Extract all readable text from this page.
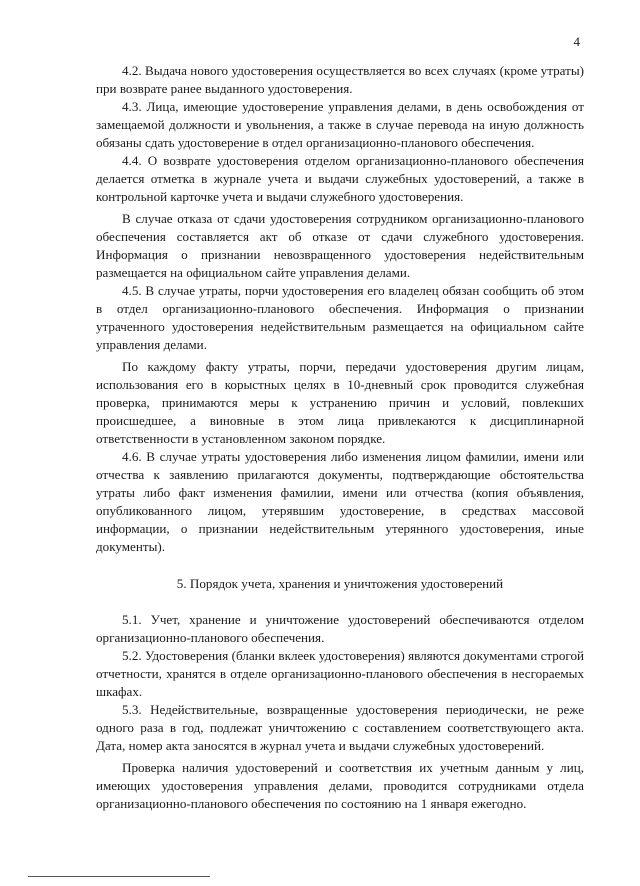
4

4.2. Выдача нового удостоверения осуществляется во всех случаях (кроме утраты) при возврате ранее выданного удостоверения.

4.3. Лица, имеющие удостоверение управления делами, в день освобождения от замещаемой должности и увольнения, а также в случае перевода на иную должность обязаны сдать удостоверение в отдел организационно-планового обеспечения.

4.4. О возврате удостоверения отделом организационно-планового обеспечения делается отметка в журнале учета и выдачи служебных удостоверений, а также в контрольной карточке учета и выдачи служебного удостоверения.

В случае отказа от сдачи удостоверения сотрудником организационно-планового обеспечения составляется акт об отказе от сдачи служебного удостоверения. Информация о признании невозвращенного удостоверения недействительным размещается на официальном сайте управления делами.

4.5. В случае утраты, порчи удостоверения его владелец обязан сообщить об этом в отдел организационно-планового обеспечения. Информация о признании утраченного удостоверения недействительным размещается на официальном сайте управления делами.

По каждому факту утраты, порчи, передачи удостоверения другим лицам, использования его в корыстных целях в 10-дневный срок проводится служебная проверка, принимаются меры к устранению причин и условий, повлекших происшедшее, а виновные в этом лица привлекаются к дисциплинарной ответственности в установленном законом порядке.

4.6. В случае утраты удостоверения либо изменения лицом фамилии, имени или отчества к заявлению прилагаются документы, подтверждающие обстоятельства утраты либо факт изменения фамилии, имени или отчества (копия объявления, опубликованного лицом, утерявшим удостоверение, в средствах массовой информации, о признании недействительным утерянного удостоверения, иные документы).

5. Порядок учета, хранения и уничтожения удостоверений

5.1. Учет, хранение и уничтожение удостоверений обеспечиваются отделом организационно-планового обеспечения.

5.2. Удостоверения (бланки вклеек удостоверения) являются документами строгой отчетности, хранятся в отделе организационно-планового обеспечения в несгораемых шкафах.

5.3. Недействительные, возвращенные удостоверения периодически, не реже одного раза в год, подлежат уничтожению с составлением соответствующего акта. Дата, номер акта заносятся в журнал учета и выдачи служебных удостоверений.

Проверка наличия удостоверений и соответствия их учетным данным у лиц, имеющих удостоверения управления делами, проводится сотрудниками отдела организационно-планового обеспечения по состоянию на 1 января ежегодно.
